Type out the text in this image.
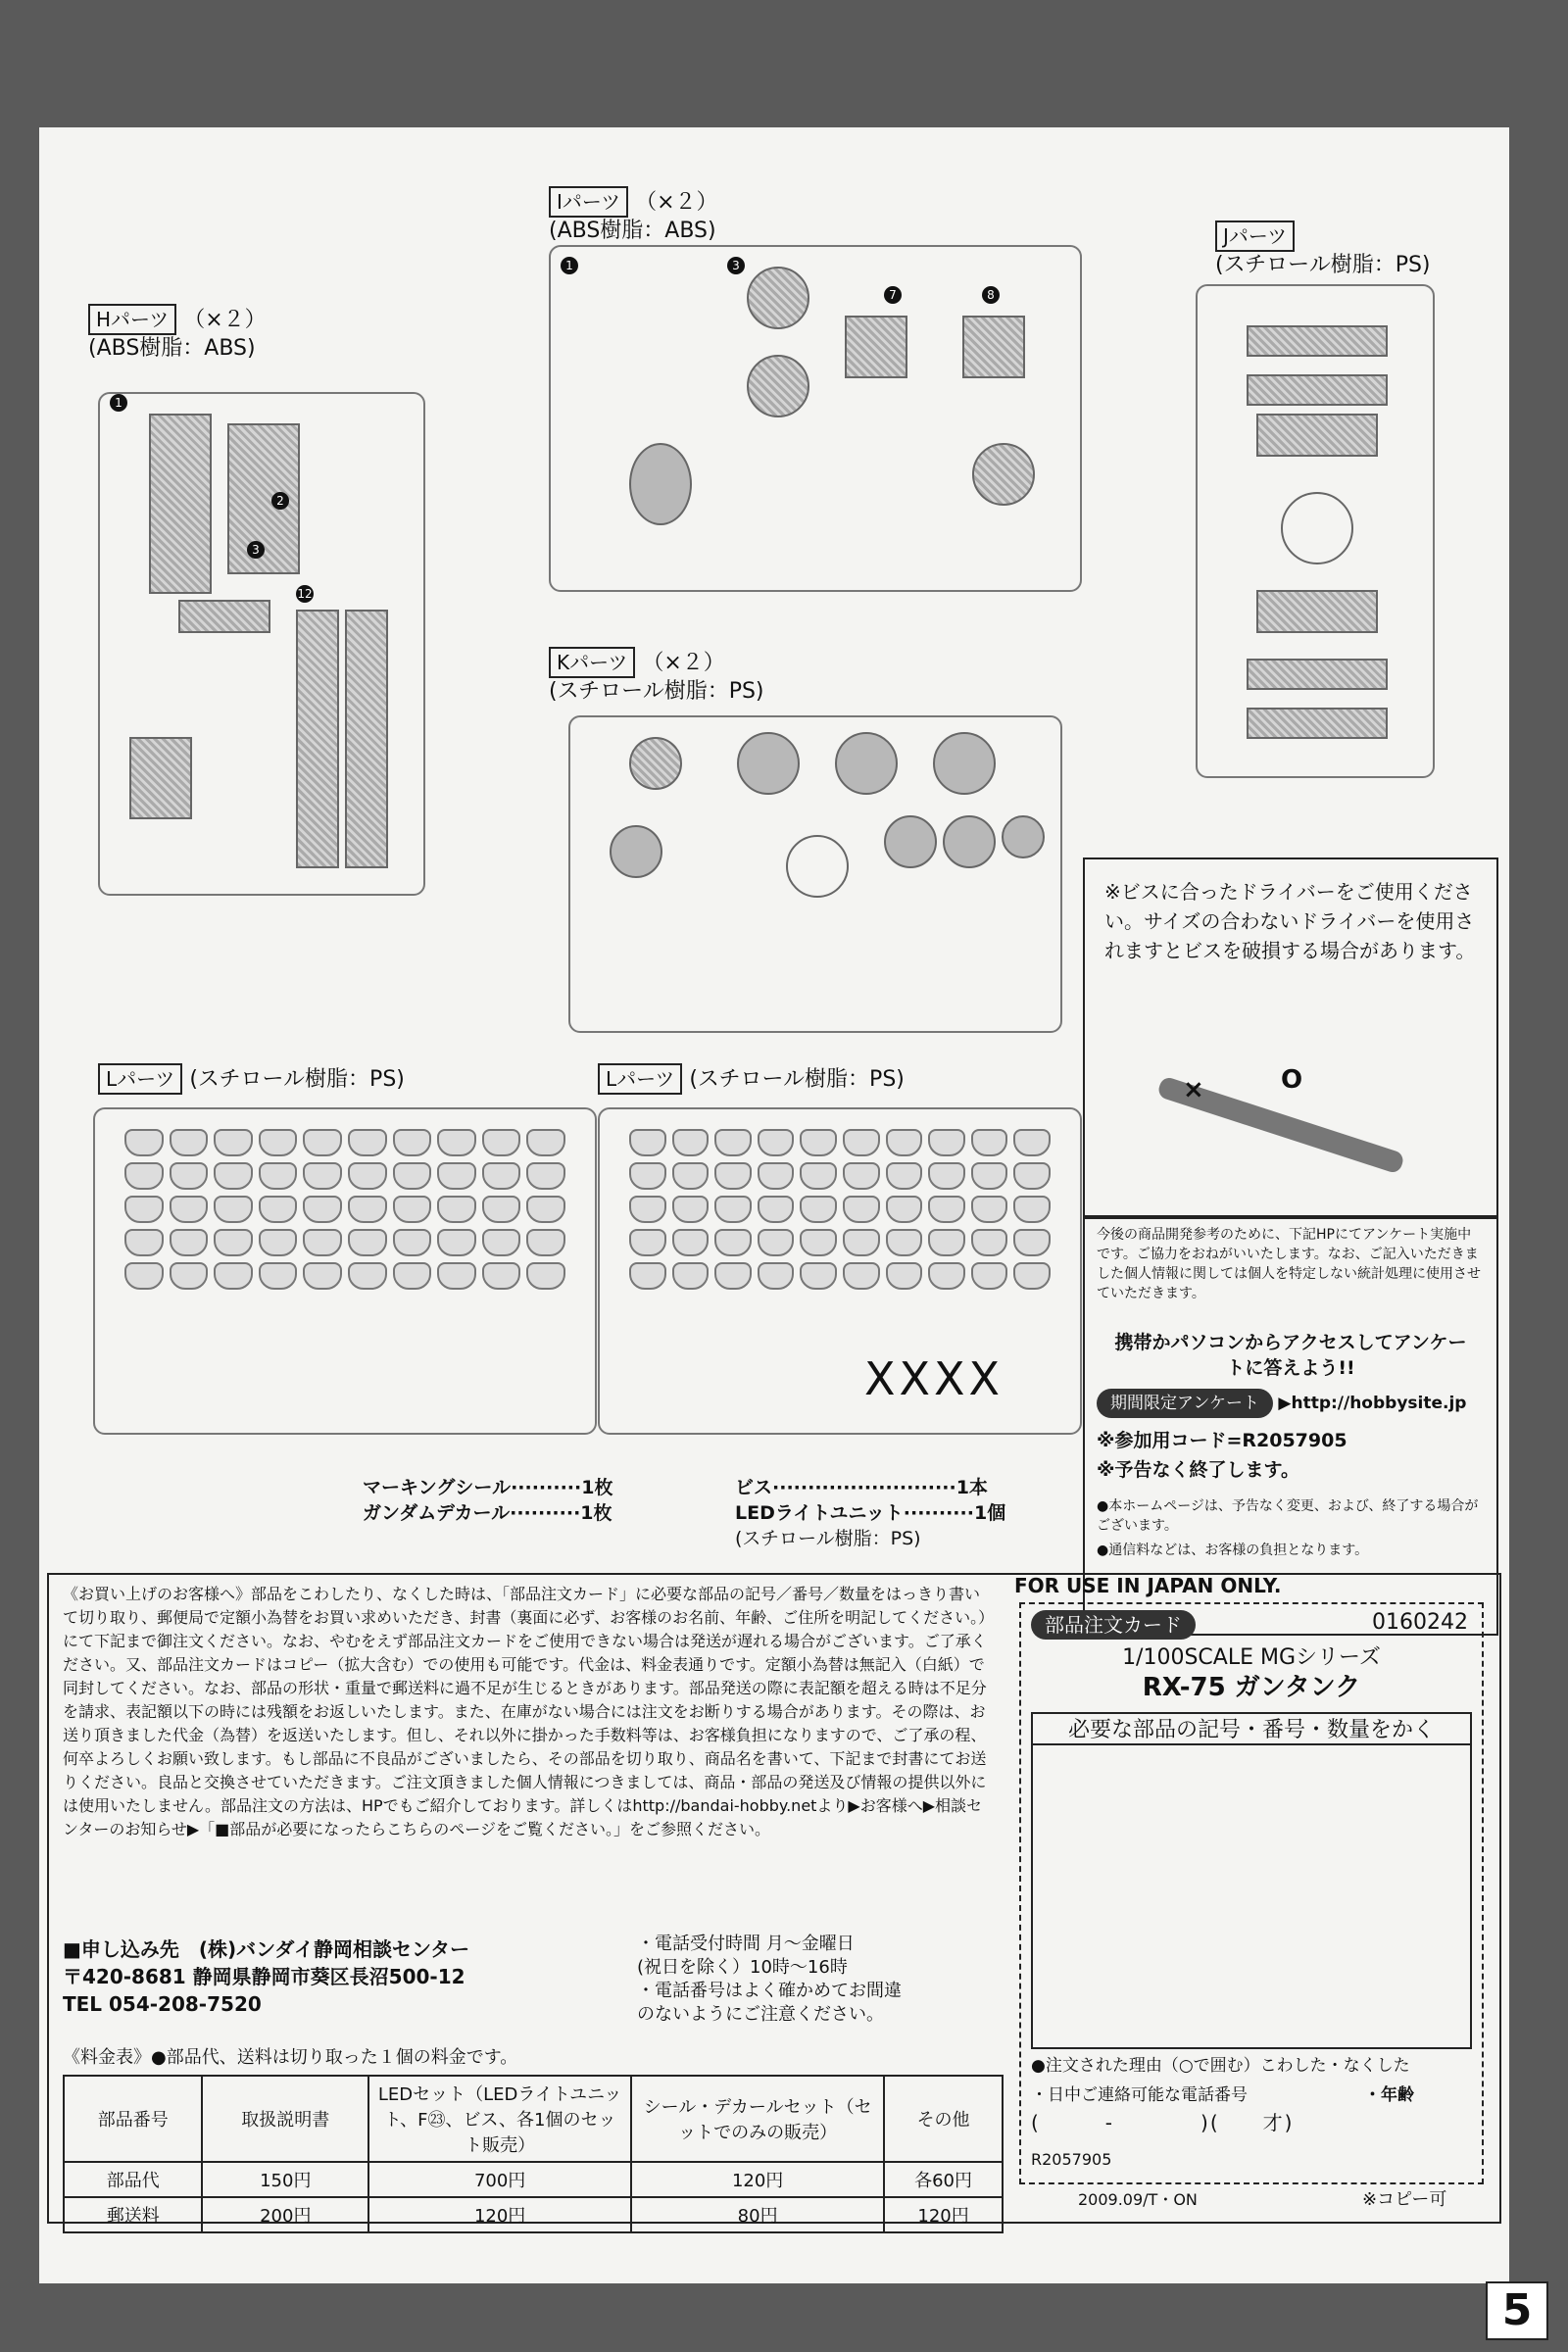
Hパーツ （×２）
(ABS樹脂：ABS)
1
2
3
12
Iパーツ （×２）
(ABS樹脂：ABS)
1	3
7	8
Jパーツ
(スチロール樹脂：PS)
Kパーツ （×２）
(スチロール樹脂：PS)
※ビスに合ったドライバーをご使用ください。サイズの合わないドライバーを使用されますとビスを破損する場合があります。
×	O
今後の商品開発参考のために、下記HPにてアンケート実施中です。ご協力をおねがいいたします。なお、ご記入いただきました個人情報に関しては個人を特定しない統計処理に使用させていただきます。
携帯かパソコンからアクセスしてアンケートに答えよう!!
期間限定アンケート ▶http://hobbysite.jp
※参加用コード=R2057905
※予告なく終了します。
●本ホームページは、予告なく変更、および、終了する場合がございます。
●通信料などは、お客様の負担となります。
Lパーツ (スチロール樹脂：PS)	Lパーツ (スチロール樹脂：PS)
XXXX
マーキングシール··········1枚
ガンダムデカール··········1枚
ビス··························1本
LEDライトユニット··········1個
(スチロール樹脂：PS)
《お買い上げのお客様へ》部品をこわしたり、なくした時は、「部品注文カード」に必要な部品の記号／番号／数量をはっきり書いて切り取り、郵便局で定額小為替をお買い求めいただき、封書（裏面に必ず、お客様のお名前、年齢、ご住所を明記してください。）にて下記まで御注文ください。なお、やむをえず部品注文カードをご使用できない場合は発送が遅れる場合がございます。ご了承ください。又、部品注文カードはコピー（拡大含む）での使用も可能です。代金は、料金表通りです。定額小為替は無記入（白紙）で同封してください。なお、部品の形状・重量で郵送料に過不足が生じるときがあります。部品発送の際に表記額を超える時は不足分を請求、表記額以下の時には残額をお返しいたします。また、在庫がない場合には注文をお断りする場合があります。その際は、お送り頂きました代金（為替）を返送いたします。但し、それ以外に掛かった手数料等は、お客様負担になりますので、ご了承の程、何卒よろしくお願い致します。もし部品に不良品がございましたら、その部品を切り取り、商品名を書いて、下記まで封書にてお送りください。良品と交換させていただきます。ご注文頂きました個人情報につきましては、商品・部品の発送及び情報の提供以外には使用いたしません。部品注文の方法は、HPでもご紹介しております。詳しくはhttp://bandai-hobby.netより▶お客様へ▶相談センターのお知らせ▶「■部品が必要になったらこちらのページをご覧ください。」をご参照ください。
■申し込み先　(株)バンダイ静岡相談センター
〒420-8681 静岡県静岡市葵区長沼500-12
TEL 054-208-7520
・電話受付時間 月〜金曜日
(祝日を除く）10時〜16時
・電話番号はよく確かめてお間違
のないようにご注意ください。
《料金表》●部品代、送料は切り取った１個の料金です。
部品番号	取扱説明書	LEDセット（LEDライトユニット、F㉓、ビス、各1個のセット販売）	シール・デカールセット（セットでのみの販売）	その他
部品代	150円	700円	120円	各60円
郵送料	200円	120円	80円	120円
FOR USE IN JAPAN ONLY.
部品注文カード	0160242
1/100SCALE MGシリーズ
RX-75 ガンタンク
必要な部品の記号・番号・数量をかく
●注文された理由（○で囲む）こわした・なくした
・日中ご連絡可能な電話番号	・年齢
(　　　-　　　　)(　　才)
R2057905
2009.09/T・ON	※コピー可
5
